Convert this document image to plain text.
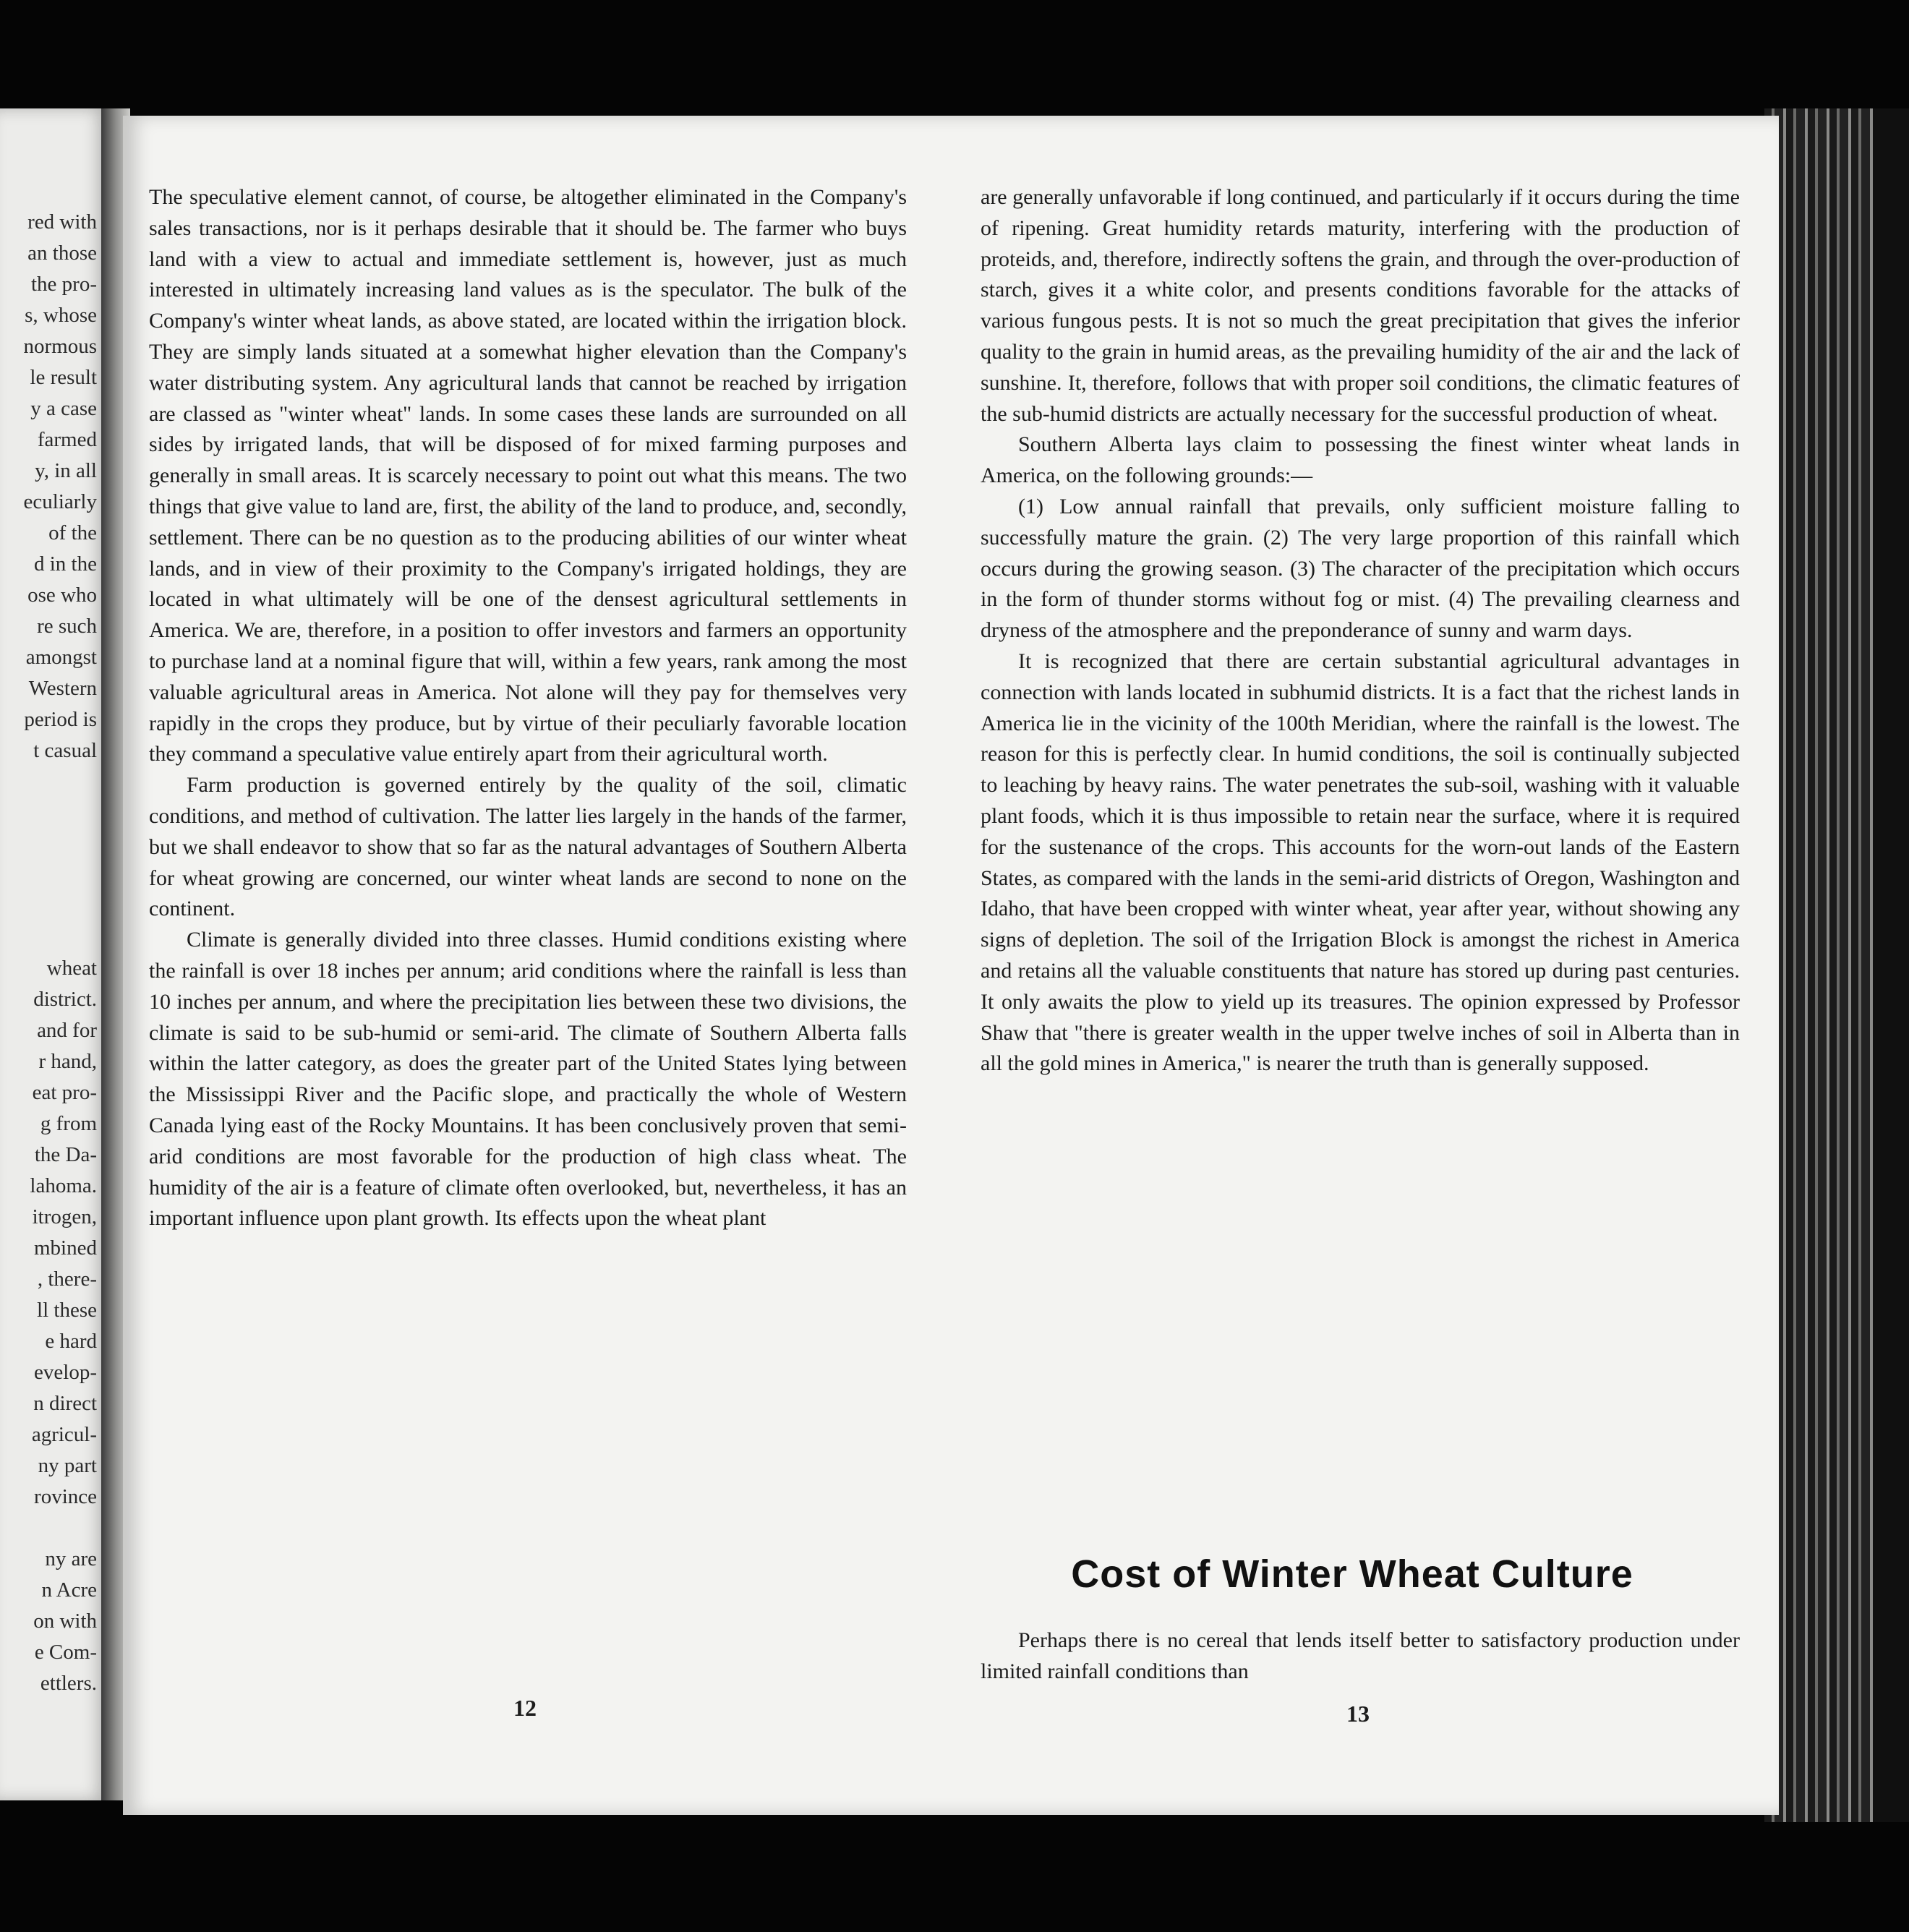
red with
an those
the pro-
s, whose
normous
le result
y a case
farmed
y, in all
eculiarly
of the
d in the
ose who
re such
amongst
Western
period is
t casual
wheat
district.
and for
r hand,
eat pro-
g from
the Da-
lahoma.
itrogen,
mbined
, there-
ll these
e hard
evelop-
n direct
agricul-
ny part
rovince
ny are
n Acre
on with
e Com-
ettlers.

The speculative element cannot, of course, be altogether eliminated in the Company's sales transactions, nor is it perhaps desirable that it should be. The farmer who buys land with a view to actual and immediate settlement is, however, just as much interested in ultimately increasing land values as is the speculator. The bulk of the Company's winter wheat lands, as above stated, are located within the irrigation block. They are simply lands situated at a somewhat higher elevation than the Company's water distributing system. Any agricultural lands that cannot be reached by irrigation are classed as "winter wheat" lands. In some cases these lands are surrounded on all sides by irrigated lands, that will be disposed of for mixed farming purposes and generally in small areas. It is scarcely necessary to point out what this means. The two things that give value to land are, first, the ability of the land to produce, and, secondly, settlement. There can be no question as to the producing abilities of our winter wheat lands, and in view of their proximity to the Company's irrigated holdings, they are located in what ultimately will be one of the densest agricultural settlements in America. We are, therefore, in a position to offer investors and farmers an opportunity to purchase land at a nominal figure that will, within a few years, rank among the most valuable agricultural areas in America. Not alone will they pay for themselves very rapidly in the crops they produce, but by virtue of their peculiarly favorable location they command a speculative value entirely apart from their agricultural worth.

Farm production is governed entirely by the quality of the soil, climatic conditions, and method of cultivation. The latter lies largely in the hands of the farmer, but we shall endeavor to show that so far as the natural advantages of Southern Alberta for wheat growing are concerned, our winter wheat lands are second to none on the continent.

Climate is generally divided into three classes. Humid conditions existing where the rainfall is over 18 inches per annum; arid conditions where the rainfall is less than 10 inches per annum, and where the precipitation lies between these two divisions, the climate is said to be sub-humid or semi-arid. The climate of Southern Alberta falls within the latter category, as does the greater part of the United States lying between the Mississippi River and the Pacific slope, and practically the whole of Western Canada lying east of the Rocky Mountains. It has been conclusively proven that semi-arid conditions are most favorable for the production of high class wheat. The humidity of the air is a feature of climate often overlooked, but, nevertheless, it has an important influence upon plant growth. Its effects upon the wheat plant

12

are generally unfavorable if long continued, and particularly if it occurs during the time of ripening. Great humidity retards maturity, interfering with the production of proteids, and, therefore, indirectly softens the grain, and through the over-production of starch, gives it a white color, and presents conditions favorable for the attacks of various fungous pests. It is not so much the great precipitation that gives the inferior quality to the grain in humid areas, as the prevailing humidity of the air and the lack of sunshine. It, therefore, follows that with proper soil conditions, the climatic features of the sub-humid districts are actually necessary for the successful production of wheat.

Southern Alberta lays claim to possessing the finest winter wheat lands in America, on the following grounds:—

(1) Low annual rainfall that prevails, only sufficient moisture falling to successfully mature the grain. (2) The very large proportion of this rainfall which occurs during the growing season. (3) The character of the precipitation which occurs in the form of thunder storms without fog or mist. (4) The prevailing clearness and dryness of the atmosphere and the preponderance of sunny and warm days.

It is recognized that there are certain substantial agricultural advantages in connection with lands located in subhumid districts. It is a fact that the richest lands in America lie in the vicinity of the 100th Meridian, where the rainfall is the lowest. The reason for this is perfectly clear. In humid conditions, the soil is continually subjected to leaching by heavy rains. The water penetrates the sub-soil, washing with it valuable plant foods, which it is thus impossible to retain near the surface, where it is required for the sustenance of the crops. This accounts for the worn-out lands of the Eastern States, as compared with the lands in the semi-arid districts of Oregon, Washington and Idaho, that have been cropped with winter wheat, year after year, without showing any signs of depletion. The soil of the Irrigation Block is amongst the richest in America and retains all the valuable constituents that nature has stored up during past centuries. It only awaits the plow to yield up its treasures. The opinion expressed by Professor Shaw that "there is greater wealth in the upper twelve inches of soil in Alberta than in all the gold mines in America," is nearer the truth than is generally supposed.

Cost of Winter Wheat Culture
Perhaps there is no cereal that lends itself better to satisfactory production under limited rainfall conditions than
13
